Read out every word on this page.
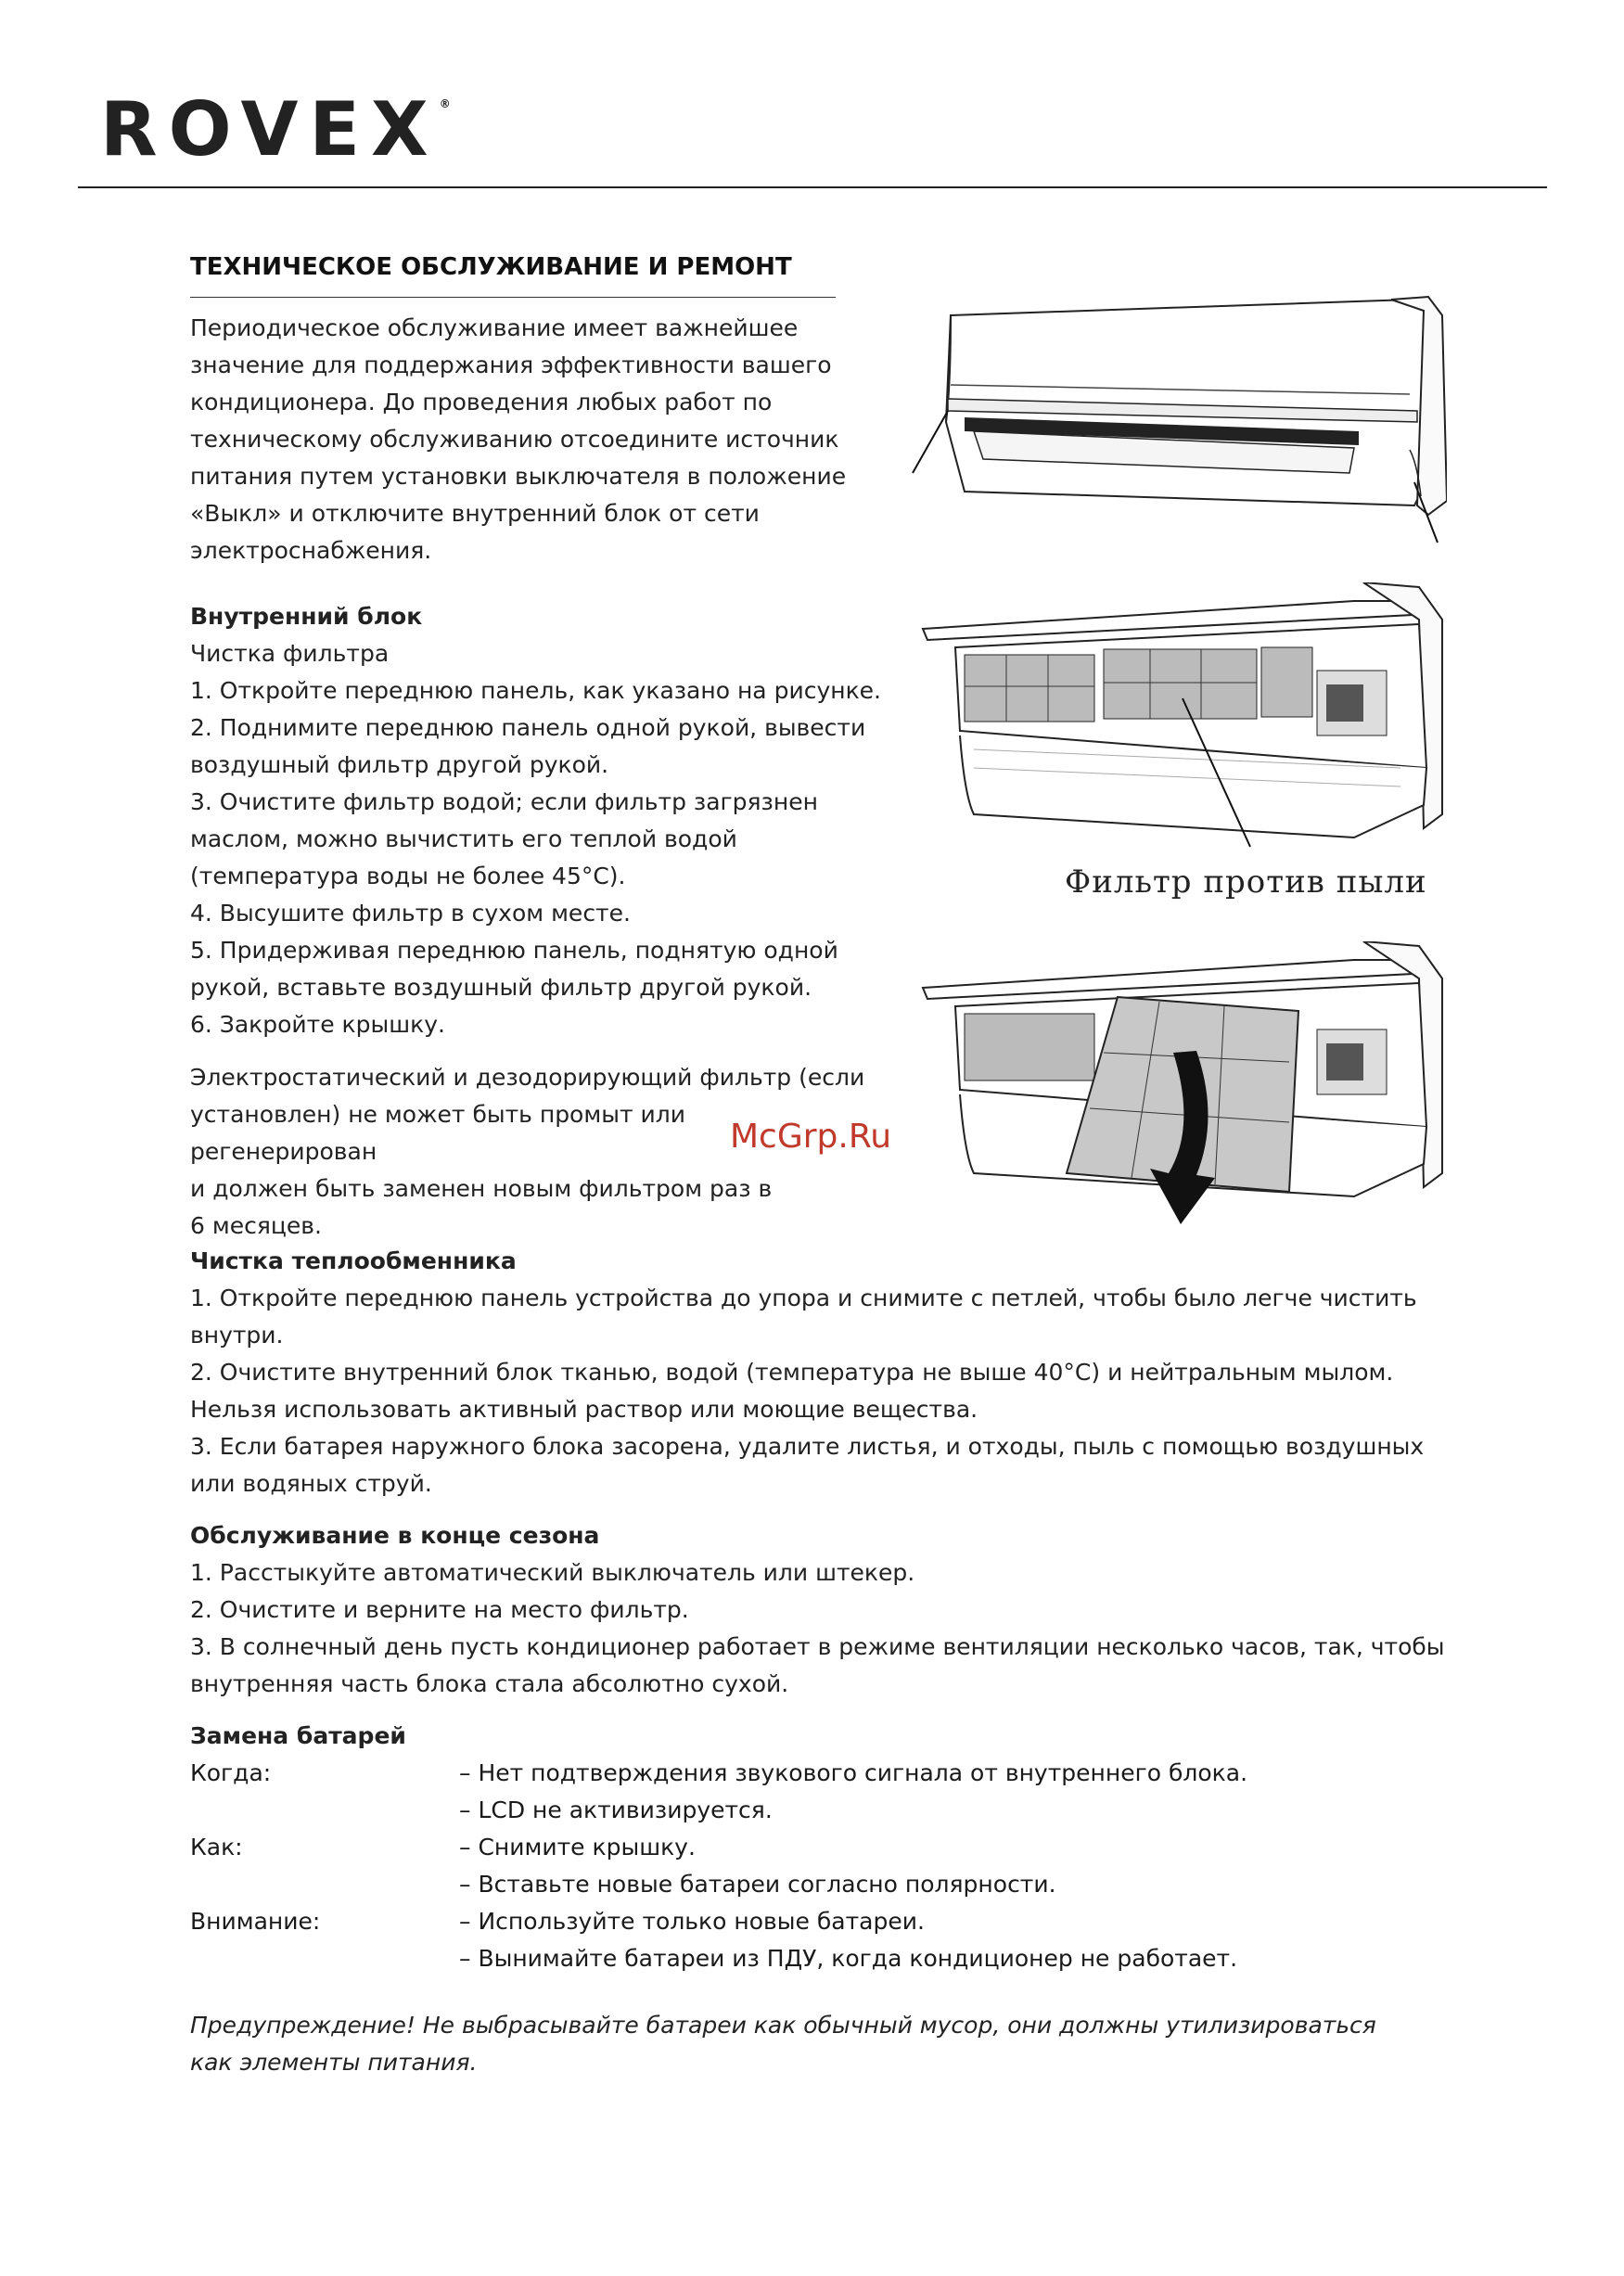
ROVEX®
ТЕХНИЧЕСКОЕ ОБСЛУЖИВАНИЕ И РЕМОНТ
Периодическое обслуживание имеет важнейшее
значение для поддержания эффективности вашего
кондиционера. До проведения любых работ по
техническому обслуживанию отсоедините источник
питания путем установки выключателя в положение
«Выкл» и отключите внутренний блок от сети
электроснабжения.
Внутренний блок
Чистка фильтра
1. Откройте переднюю панель, как указано на рисунке.
2. Поднимите переднюю панель одной рукой, вывести
воздушный фильтр другой рукой.
3. Очистите фильтр водой; если фильтр загрязнен
маслом, можно вычистить его теплой водой
(температура воды не более 45°С).
4. Высушите фильтр в сухом месте.
5. Придерживая переднюю панель, поднятую одной
рукой, вставьте воздушный фильтр другой рукой.
6. Закройте крышку.
Электростатический и дезодорирующий фильтр (если
установлен) не может быть промыт или регенерирован
и должен быть заменен новым фильтром раз в
6 месяцев.
Фильтр против пыли
McGrp.Ru
Чистка теплообменника
1. Откройте переднюю панель устройства до упора и снимите с петлей, чтобы было легче чистить
внутри.
2. Очистите внутренний блок тканью, водой (температура не выше 40°С) и нейтральным мылом.
Нельзя использовать активный раствор или моющие вещества.
3. Если батарея наружного блока засорена, удалите листья, и отходы, пыль с помощью воздушных
или водяных струй.
Обслуживание в конце сезона
1. Расстыкуйте автоматический выключатель или штекер.
2. Очистите и верните на место фильтр.
3. В солнечный день пусть кондиционер работает в режиме вентиляции несколько часов, так, чтобы
внутренняя часть блока стала абсолютно сухой.
Замена батарей
Когда:	– Нет подтверждения звукового сигнала от внутреннего блока.
– LCD не активизируется.
Как:	– Снимите крышку.
– Вставьте новые батареи согласно полярности.
Внимание:	– Используйте только новые батареи.
– Вынимайте батареи из ПДУ, когда кондиционер не работает.
Предупреждение! Не выбрасывайте батареи как обычный мусор, они должны утилизироваться
как элементы питания.
